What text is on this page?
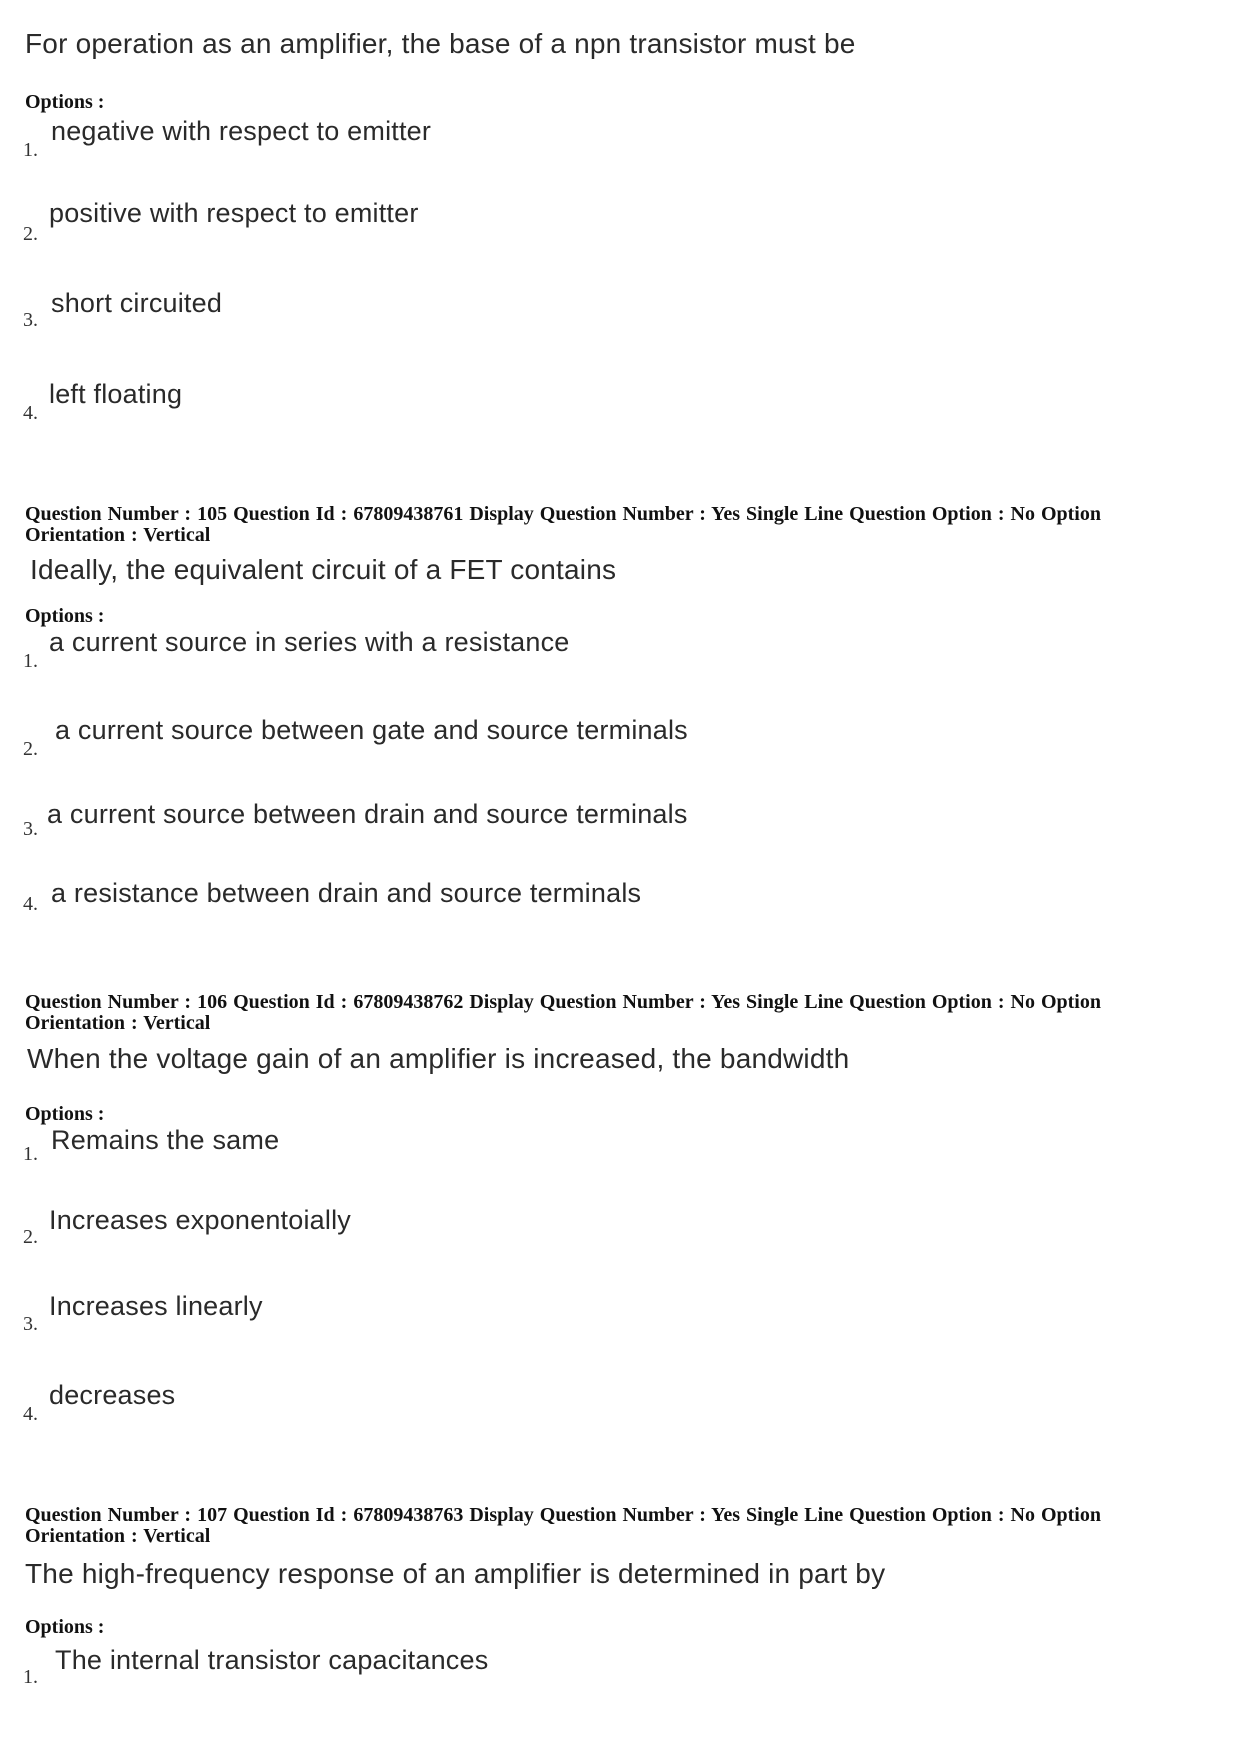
For operation as an amplifier, the base of a npn transistor must be
Options :
1.
negative with respect to emitter
2.
positive with respect to emitter
3.
short circuited
4.
left floating
Question Number : 105 Question Id : 67809438761 Display Question Number : Yes Single Line Question Option : No Option Orientation : Vertical
Ideally, the equivalent circuit of a FET contains
Options :
1.
a current source in series with a resistance
2.
a current source between gate and source terminals
3. a current source between drain and source terminals
4. a resistance between drain and source terminals
Question Number : 106 Question Id : 67809438762 Display Question Number : Yes Single Line Question Option : No Option Orientation : Vertical
When the voltage gain of an amplifier is increased, the bandwidth
Options :
1. Remains the same
2.
Increases exponentoially
3.
Increases linearly
4.
decreases
Question Number : 107 Question Id : 67809438763 Display Question Number : Yes Single Line Question Option : No Option Orientation : Vertical
The high-frequency response of an amplifier is determined in part by
Options :
1.
The internal transistor capacitances
